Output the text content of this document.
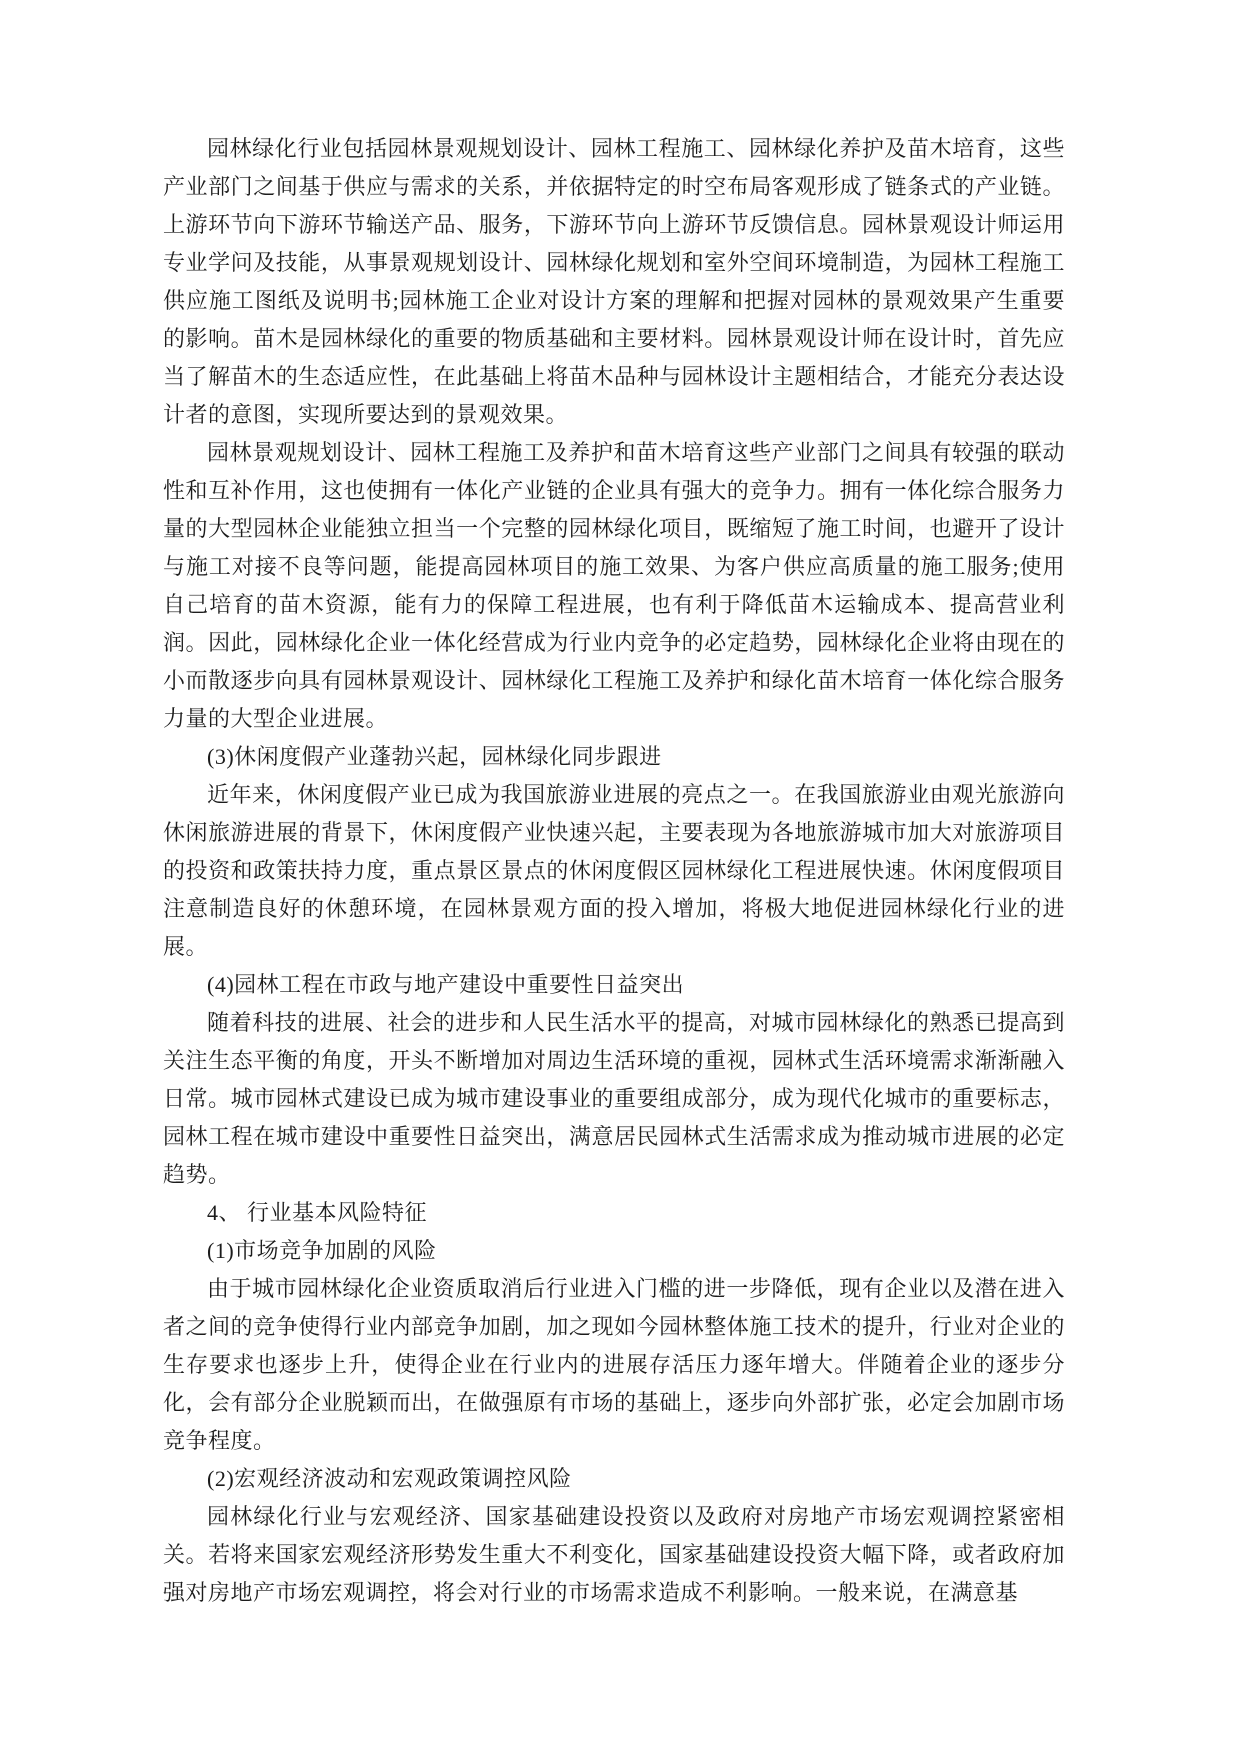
园林绿化行业包括园林景观规划设计、园林工程施工、园林绿化养护及苗木培育，这些产业部门之间基于供应与需求的关系，并依据特定的时空布局客观形成了链条式的产业链。上游环节向下游环节输送产品、服务，下游环节向上游环节反馈信息。园林景观设计师运用专业学问及技能，从事景观规划设计、园林绿化规划和室外空间环境制造，为园林工程施工供应施工图纸及说明书;园林施工企业对设计方案的理解和把握对园林的景观效果产生重要的影响。苗木是园林绿化的重要的物质基础和主要材料。园林景观设计师在设计时，首先应当了解苗木的生态适应性，在此基础上将苗木品种与园林设计主题相结合，才能充分表达设计者的意图，实现所要达到的景观效果。

园林景观规划设计、园林工程施工及养护和苗木培育这些产业部门之间具有较强的联动性和互补作用，这也使拥有一体化产业链的企业具有强大的竞争力。拥有一体化综合服务力量的大型园林企业能独立担当一个完整的园林绿化项目，既缩短了施工时间，也避开了设计与施工对接不良等问题，能提高园林项目的施工效果、为客户供应高质量的施工服务;使用自己培育的苗木资源，能有力的保障工程进展，也有利于降低苗木运输成本、提高营业利润。因此，园林绿化企业一体化经营成为行业内竞争的必定趋势，园林绿化企业将由现在的小而散逐步向具有园林景观设计、园林绿化工程施工及养护和绿化苗木培育一体化综合服务力量的大型企业进展。

(3)休闲度假产业蓬勃兴起，园林绿化同步跟进

近年来，休闲度假产业已成为我国旅游业进展的亮点之一。在我国旅游业由观光旅游向休闲旅游进展的背景下，休闲度假产业快速兴起，主要表现为各地旅游城市加大对旅游项目的投资和政策扶持力度，重点景区景点的休闲度假区园林绿化工程进展快速。休闲度假项目注意制造良好的休憩环境，在园林景观方面的投入增加，将极大地促进园林绿化行业的进展。

(4)园林工程在市政与地产建设中重要性日益突出

随着科技的进展、社会的进步和人民生活水平的提高，对城市园林绿化的熟悉已提高到关注生态平衡的角度，开头不断增加对周边生活环境的重视，园林式生活环境需求渐渐融入日常。城市园林式建设已成为城市建设事业的重要组成部分，成为现代化城市的重要标志，园林工程在城市建设中重要性日益突出，满意居民园林式生活需求成为推动城市进展的必定趋势。

4、 行业基本风险特征

(1)市场竞争加剧的风险

由于城市园林绿化企业资质取消后行业进入门槛的进一步降低，现有企业以及潜在进入者之间的竞争使得行业内部竞争加剧，加之现如今园林整体施工技术的提升，行业对企业的生存要求也逐步上升，使得企业在行业内的进展存活压力逐年增大。伴随着企业的逐步分化，会有部分企业脱颖而出，在做强原有市场的基础上，逐步向外部扩张，必定会加剧市场竞争程度。

(2)宏观经济波动和宏观政策调控风险

园林绿化行业与宏观经济、国家基础建设投资以及政府对房地产市场宏观调控紧密相关。若将来国家宏观经济形势发生重大不利变化，国家基础建设投资大幅下降，或者政府加强对房地产市场宏观调控，将会对行业的市场需求造成不利影响。一般来说，在满意基
